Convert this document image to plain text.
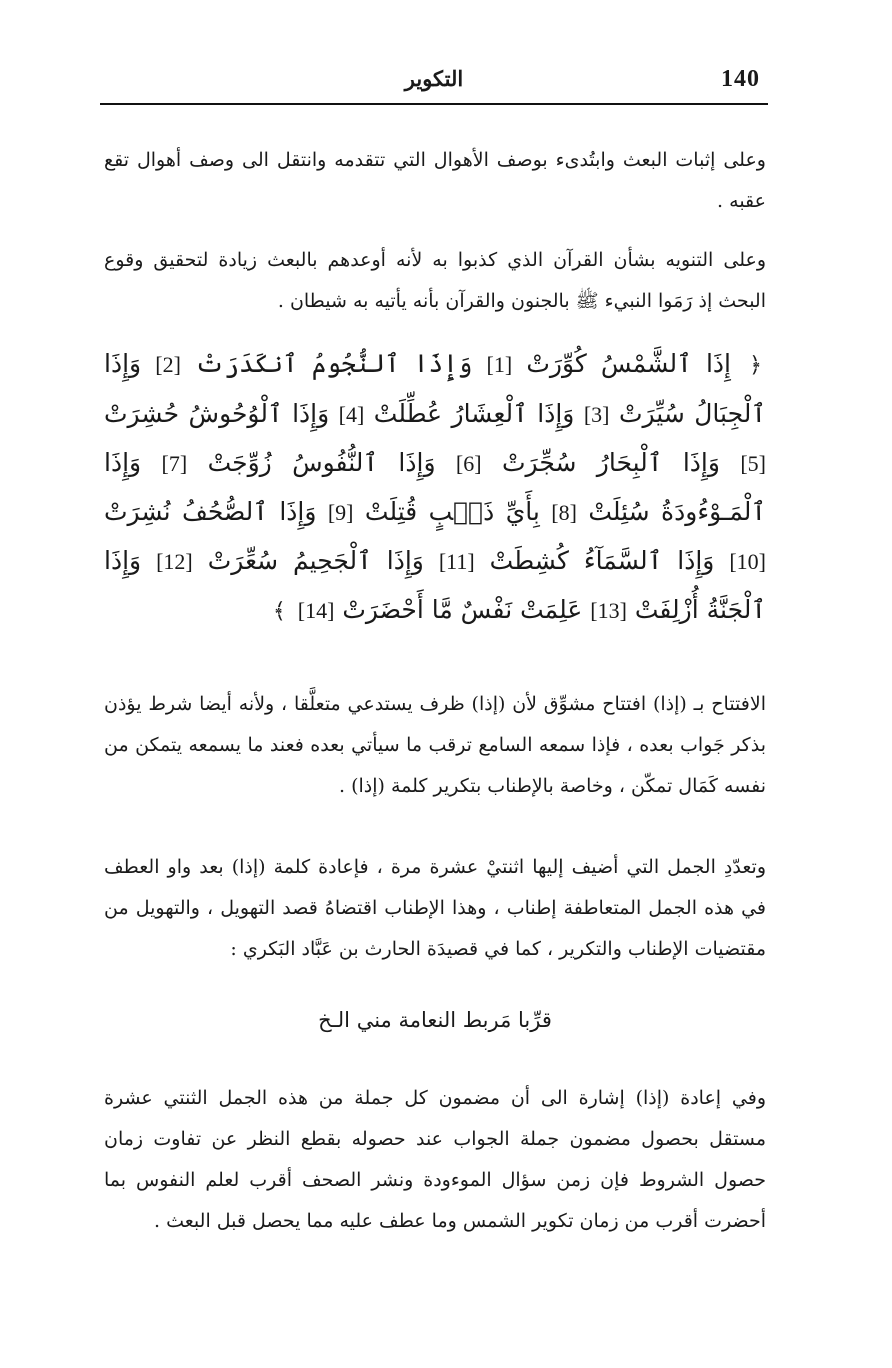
140
التكوير

وعلى إثبات البعث وابتُدىء بوصف الأهوال التي تتقدمه وانتقل الى وصف أهوال تقع عقبه .

وعلى التنويه بشأن القرآن الذي كذبوا به لأنه أوعدهم بالبعث زيادة لتحقيق وقوع البحث إذ رَمَوا النبيء ﷺ بالجنون والقرآن بأنه يأتيه به شيطان .

﴿ إِذَا ٱلشَّمْسُ كُوِّرَتْ [1] وَإِذَا ٱلنُّجُومُ ٱنكَدَرَتْ [2] وَإِذَا ٱلْجِبَالُ سُيِّرَتْ [3] وَإِذَا ٱلْعِشَارُ عُطِّلَتْ [4] وَإِذَا ٱلْوُحُوشُ حُشِرَتْ [5] وَإِذَا ٱلْبِحَارُ سُجِّرَتْ [6] وَإِذَا ٱلنُّفُوسُ زُوِّجَتْ [7] وَإِذَا ٱلْمَـوْءُودَةُ سُئِلَتْ [8] بِأَيِّ ذَنۢبٍ قُتِلَتْ [9] وَإِذَا ٱلصُّحُفُ نُشِرَتْ [10] وَإِذَا ٱلسَّمَآءُ كُشِطَتْ [11] وَإِذَا ٱلْجَحِيمُ سُعِّرَتْ [12] وَإِذَا ٱلْجَنَّةُ أُزْلِفَتْ [13] عَلِمَتْ نَفْسٌ مَّا أَحْضَرَتْ [14] ﴾

الافتتاح بـ (إذا) افتتاح مشوِّق لأن (إذا) ظرف يستدعي متعلَّقا ، ولأنه أيضا شرط يؤذن بذكر جَواب بعده ، فإذا سمعه السامع ترقب ما سيأتي بعده فعند ما يسمعه يتمكن من نفسه كَمَال تمكّن ، وخاصة بالإطناب بتكرير كلمة (إذا) .

وتعدّدِ الجمل التي أضيف إليها اثنتيْ عشرة مرة ، فإعادة كلمة (إذا) بعد واو العطف في هذه الجمل المتعاطفة إطناب ، وهذا الإطناب اقتضاهُ قصد التهويل ، والتهويل من مقتضيات الإطناب والتكرير ، كما في قصيدَة الحارث بن عَبَّاد البَكري :

قرِّبا مَربط النعامة مني الـخ

وفي إعادة (إذا) إشارة الى أن مضمون كل جملة من هذه الجمل الثنتي عشرة مستقل بحصول مضمون جملة الجواب عند حصوله بقطع النظر عن تفاوت زمان حصول الشروط فإن زمن سؤال الموءودة ونشر الصحف أقرب لعلم النفوس بما أحضرت أقرب من زمان تكوير الشمس وما عطف عليه مما يحصل قبل البعث .
